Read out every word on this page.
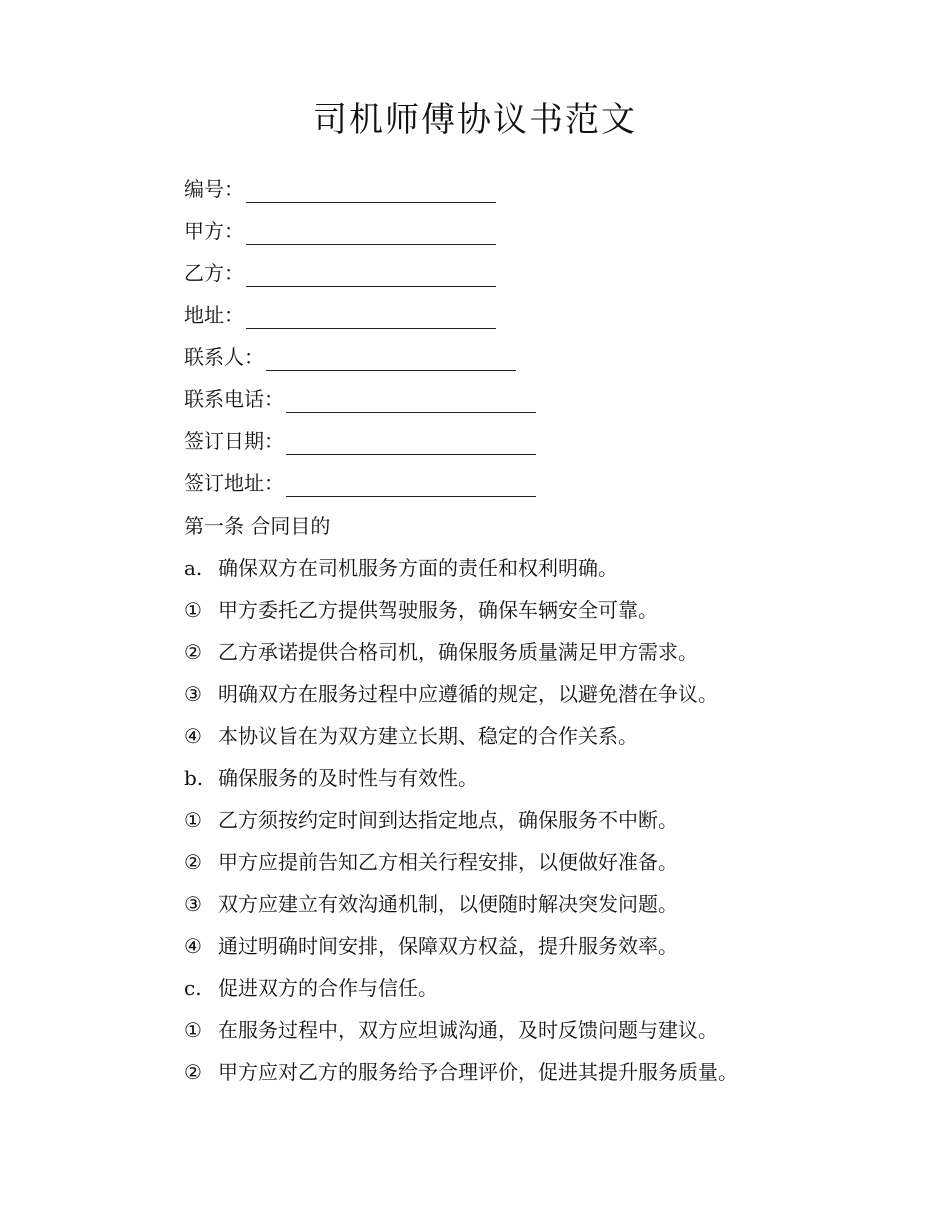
司机师傅协议书范文
编号：
甲方：
乙方：
地址：
联系人：
联系电话：
签订日期：
签订地址：
第一条 合同目的
a. 确保双方在司机服务方面的责任和权利明确。
① 甲方委托乙方提供驾驶服务，确保车辆安全可靠。
② 乙方承诺提供合格司机，确保服务质量满足甲方需求。
③ 明确双方在服务过程中应遵循的规定，以避免潜在争议。
④ 本协议旨在为双方建立长期、稳定的合作关系。
b. 确保服务的及时性与有效性。
① 乙方须按约定时间到达指定地点，确保服务不中断。
② 甲方应提前告知乙方相关行程安排，以便做好准备。
③ 双方应建立有效沟通机制，以便随时解决突发问题。
④ 通过明确时间安排，保障双方权益，提升服务效率。
c. 促进双方的合作与信任。
① 在服务过程中，双方应坦诚沟通，及时反馈问题与建议。
② 甲方应对乙方的服务给予合理评价，促进其提升服务质量。
